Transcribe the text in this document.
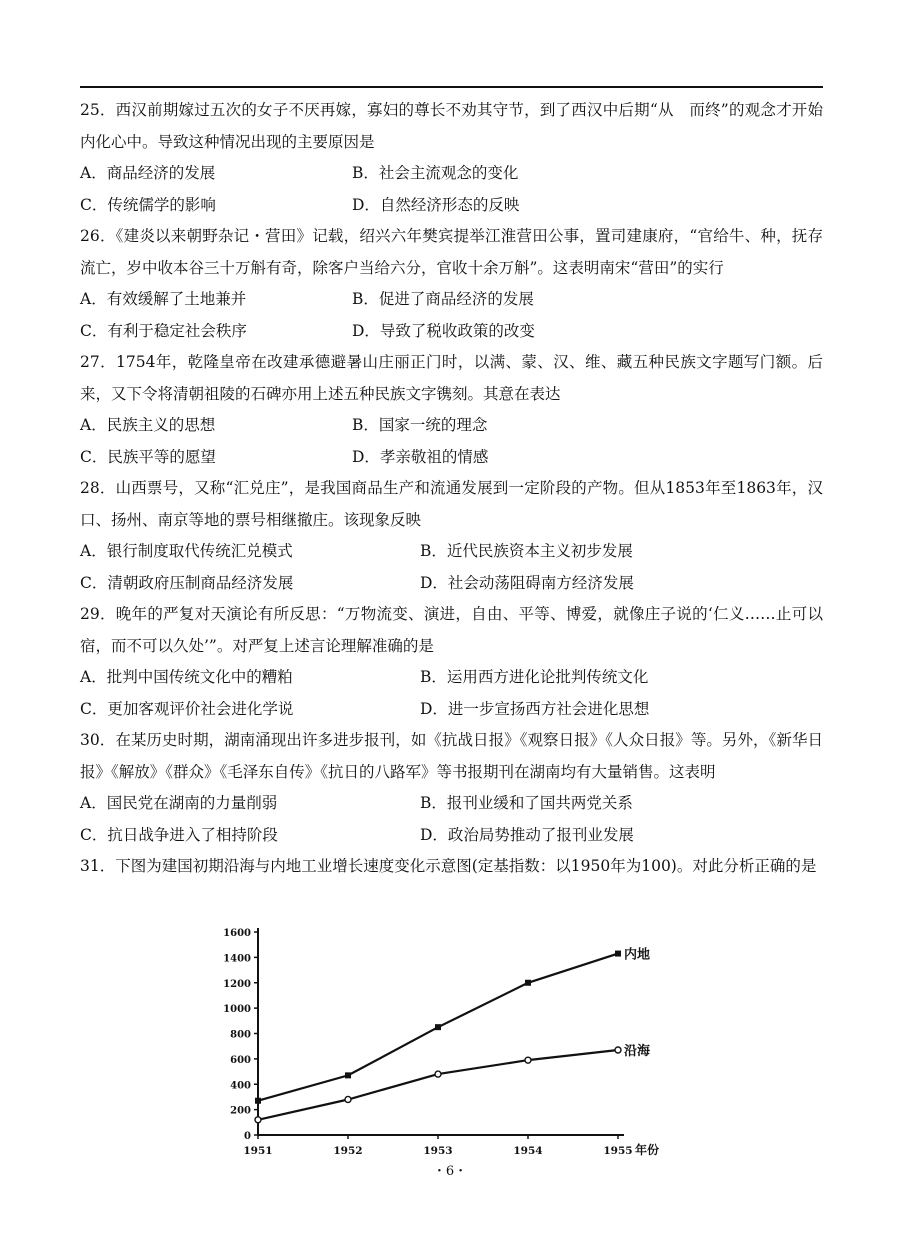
25．西汉前期嫁过五次的女子不厌再嫁，寡妇的尊长不劝其守节，到了西汉中后期“从　而终”的观念才开始内化心中。导致这种情况出现的主要原因是

A．商品经济的发展	B．社会主流观念的变化
C．传统儒学的影响	D．自然经济形态的反映

26．《建炎以来朝野杂记・营田》记载，绍兴六年樊宾提举江淮营田公事，置司建康府，“官给牛、种，抚存流亡，岁中收本谷三十万斛有奇，除客户当给六分，官收十余万斛”。这表明南宋“营田”的实行

A．有效缓解了土地兼并	B．促进了商品经济的发展
C．有利于稳定社会秩序	D．导致了税收政策的改变

27．1754年，乾隆皇帝在改建承德避暑山庄丽正门时，以满、蒙、汉、维、藏五种民族文字题写门额。后来，又下令将清朝祖陵的石碑亦用上述五种民族文字镌刻。其意在表达

A．民族主义的思想	B．国家一统的理念
C．民族平等的愿望	D．孝亲敬祖的情感

28．山西票号，又称“汇兑庄”，是我国商品生产和流通发展到一定阶段的产物。但从1853年至1863年，汉口、扬州、南京等地的票号相继撤庄。该现象反映

A．银行制度取代传统汇兑模式	B．近代民族资本主义初步发展
C．清朝政府压制商品经济发展	D．社会动荡阻碍南方经济发展

29．晚年的严复对天演论有所反思：“万物流变、演进，自由、平等、博爱，就像庄子说的‘仁义……止可以　宿，而不可以久处’”。对严复上述言论理解准确的是

A．批判中国传统文化中的糟粕	B．运用西方进化论批判传统文化
C．更加客观评价社会进化学说	D．进一步宣扬西方社会进化思想

30．在某历史时期，湖南涌现出许多进步报刊，如《抗战日报》《观察日报》《人众日报》等。另外，《新华日报》《解放》《群众》《毛泽东自传》《抗日的八路军》等书报期刊在湖南均有大量销售。这表明

A．国民党在湖南的力量削弱	B．报刊业缓和了国共两党关系
C．抗日战争进入了相持阶段	D．政治局势推动了报刊业发展

31．下图为建国初期沿海与内地工业增长速度变化示意图(定基指数：以1950年为100)。对此分析正确的是

0
200
400
600
800
1000
1200
1400
1600
1951	1952	1953	1954	1955 年份
内地
沿海
・6・
